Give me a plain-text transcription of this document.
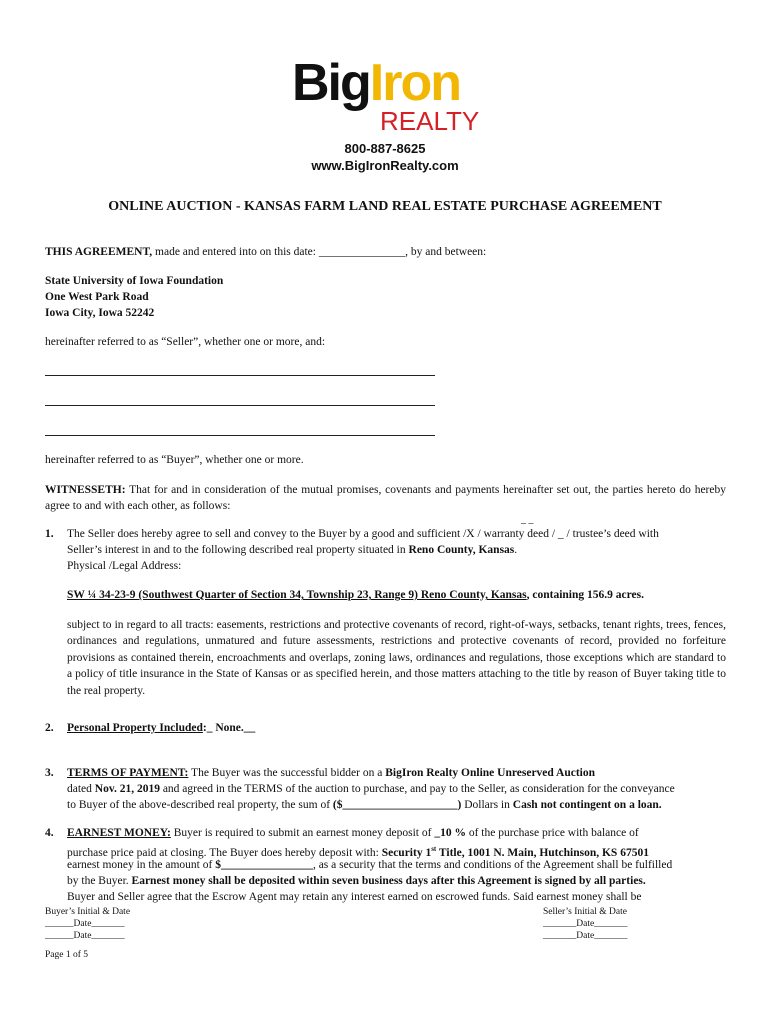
BigIron
REALTY
800-887-8625
www.BigIronRealty.com
ONLINE AUCTION - KANSAS FARM LAND REAL ESTATE PURCHASE AGREEMENT
THIS AGREEMENT, made and entered into on this date: _______________, by and between:
State University of Iowa Foundation
One West Park Road
Iowa City, Iowa 52242
hereinafter referred to as “Seller”, whether one or more, and:
hereinafter referred to as “Buyer”, whether one or more.
WITNESSETH: That for and in consideration of the mutual promises, covenants and payments hereinafter set out, the parties hereto do hereby agree to and with each other, as follows:
_ _
1. The Seller does hereby agree to sell and convey to the Buyer by a good and sufficient /X / warranty deed / _ / trustee’s deed with
Seller’s interest in and to the following described real property situated in Reno County, Kansas.
Physical /Legal Address:
SW ¼ 34-23-9 (Southwest Quarter of Section 34, Township 23, Range 9) Reno County, Kansas, containing 156.9 acres.
subject to in regard to all tracts: easements, restrictions and protective covenants of record, right-of-ways, setbacks, tenant rights, trees, fences, ordinances and regulations, unmatured and future assessments, restrictions and protective covenants of record, provided no forfeiture provisions as contained therein, encroachments and overlaps, zoning laws, ordinances and regulations, those exceptions which are standard to a policy of title insurance in the State of Kansas or as specified herein, and those matters attaching to the title by reason of Buyer taking title to the real property.
2. Personal Property Included:_ None.__
3. TERMS OF PAYMENT: The Buyer was the successful bidder on a BigIron Realty Online Unreserved Auction
dated Nov. 21, 2019 and agreed in the TERMS of the auction to purchase, and pay to the Seller, as consideration for the conveyance
to Buyer of the above-described real property, the sum of ($____________________) Dollars in Cash not contingent on a loan.
4. EARNEST MONEY: Buyer is required to submit an earnest money deposit of _10 % of the purchase price with balance of
purchase price paid at closing. The Buyer does hereby deposit with: Security 1st Title, 1001 N. Main, Hutchinson, KS 67501
earnest money in the amount of $________________, as a security that the terms and conditions of the Agreement shall be fulfilled
by the Buyer. Earnest money shall be deposited within seven business days after this Agreement is signed by all parties.
Buyer and Seller agree that the Escrow Agent may retain any interest earned on escrowed funds. Said earnest money shall be
Buyer’s Initial & Date
______Date_______
______Date_______
Seller’s Initial & Date
_______Date_______
_______Date_______
Page 1 of 5
